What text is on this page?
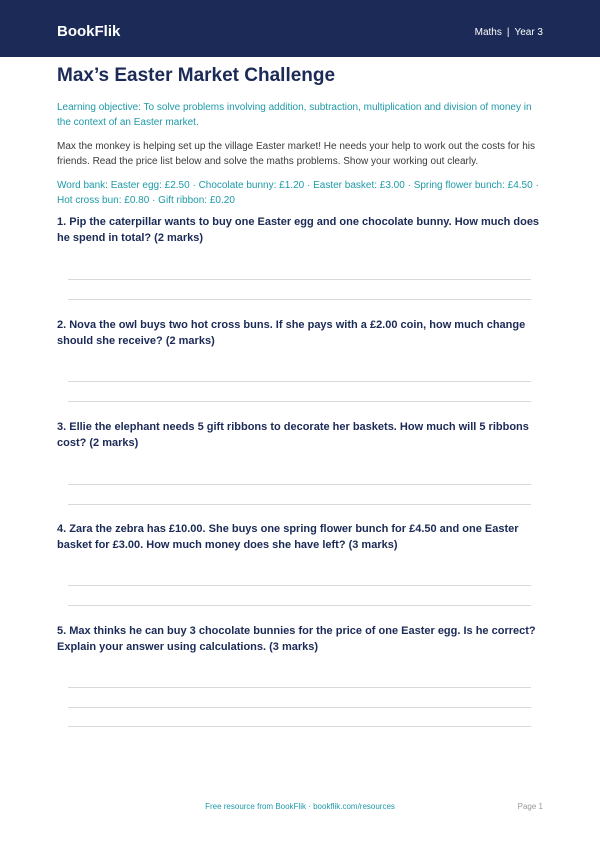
BookFlik	Maths | Year 3
Max’s Easter Market Challenge
Learning objective: To solve problems involving addition, subtraction, multiplication and division of money in the context of an Easter market.
Max the monkey is helping set up the village Easter market! He needs your help to work out the costs for his friends. Read the price list below and solve the maths problems. Show your working out clearly.
Word bank: Easter egg: £2.50 · Chocolate bunny: £1.20 · Easter basket: £3.00 · Spring flower bunch: £4.50 · Hot cross bun: £0.80 · Gift ribbon: £0.20
1. Pip the caterpillar wants to buy one Easter egg and one chocolate bunny. How much does he spend in total? (2 marks)
2. Nova the owl buys two hot cross buns. If she pays with a £2.00 coin, how much change should she receive? (2 marks)
3. Ellie the elephant needs 5 gift ribbons to decorate her baskets. How much will 5 ribbons cost? (2 marks)
4. Zara the zebra has £10.00. She buys one spring flower bunch for £4.50 and one Easter basket for £3.00. How much money does she have left? (3 marks)
5. Max thinks he can buy 3 chocolate bunnies for the price of one Easter egg. Is he correct? Explain your answer using calculations. (3 marks)
Free resource from BookFlik · bookflik.com/resources	Page 1
